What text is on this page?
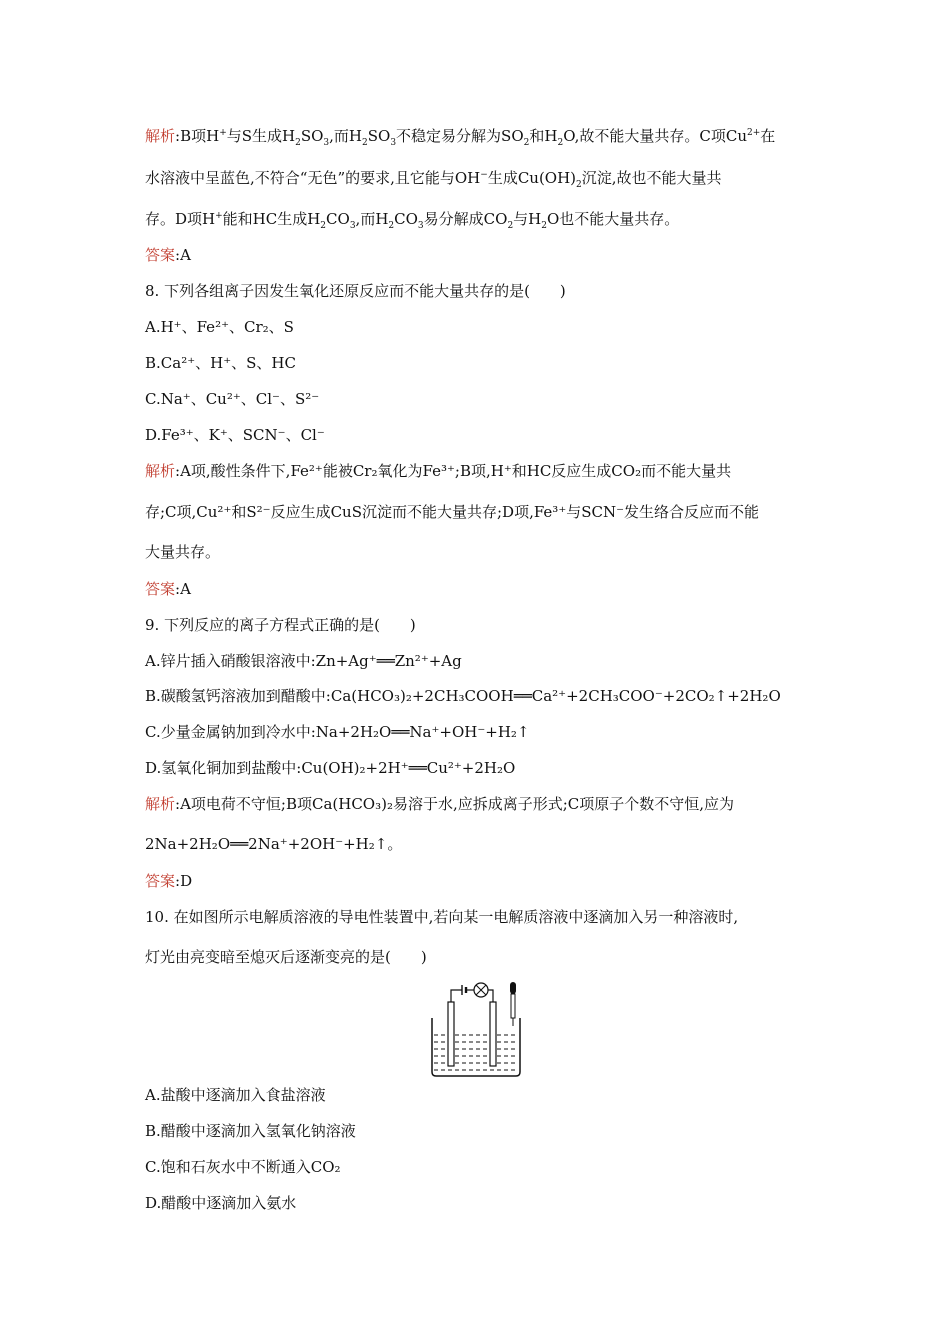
解析:B项H+与S生成$H_2SO_3$,而$H_2SO_3$不稳定易分解为$SO_2$和$H_2O$,故不能大量共存。C项$Cu^{2+}$在
水溶液中呈蓝色,不符合“无色”的要求,且它能与OH−生成$Cu(OH)_2$沉淀,故也不能大量共
存。D项H+能和HC生成$H_2CO_3$,而$H_2CO_3$易分解成$CO_2$与$H_2O$也不能大量共存。
答案:A
8. 下列各组离子因发生氧化还原反应而不能大量共存的是(　　)
A.H⁺、Fe²⁺、Cr₂、S
B.Ca²⁺、H⁺、S、HC
C.Na⁺、Cu²⁺、Cl⁻、S²⁻
D.Fe³⁺、K⁺、SCN⁻、Cl⁻
解析:A项,酸性条件下,Fe²⁺能被Cr₂氧化为Fe³⁺;B项,H⁺和HC反应生成CO₂而不能大量共
存;C项,Cu²⁺和S²⁻反应生成CuS沉淀而不能大量共存;D项,Fe³⁺与SCN⁻发生络合反应而不能
大量共存。
答案:A
9. 下列反应的离子方程式正确的是(　　)
A.锌片插入硝酸银溶液中:Zn+Ag⁺══Zn²⁺+Ag
B.碳酸氢钙溶液加到醋酸中:Ca(HCO₃)₂+2CH₃COOH══Ca²⁺+2CH₃COO⁻+2CO₂↑+2H₂O
C.少量金属钠加到冷水中:Na+2H₂O══Na⁺+OH⁻+H₂↑
D.氢氧化铜加到盐酸中:Cu(OH)₂+2H⁺══Cu²⁺+2H₂O
解析:A项电荷不守恒;B项Ca(HCO₃)₂易溶于水,应拆成离子形式;C项原子个数不守恒,应为
2Na+2H₂O══2Na⁺+2OH⁻+H₂↑。
答案:D
10. 在如图所示电解质溶液的导电性装置中,若向某一电解质溶液中逐滴加入另一种溶液时,
灯光由亮变暗至熄灭后逐渐变亮的是(　　)
A.盐酸中逐滴加入食盐溶液
B.醋酸中逐滴加入氢氧化钠溶液
C.饱和石灰水中不断通入CO₂
D.醋酸中逐滴加入氨水
